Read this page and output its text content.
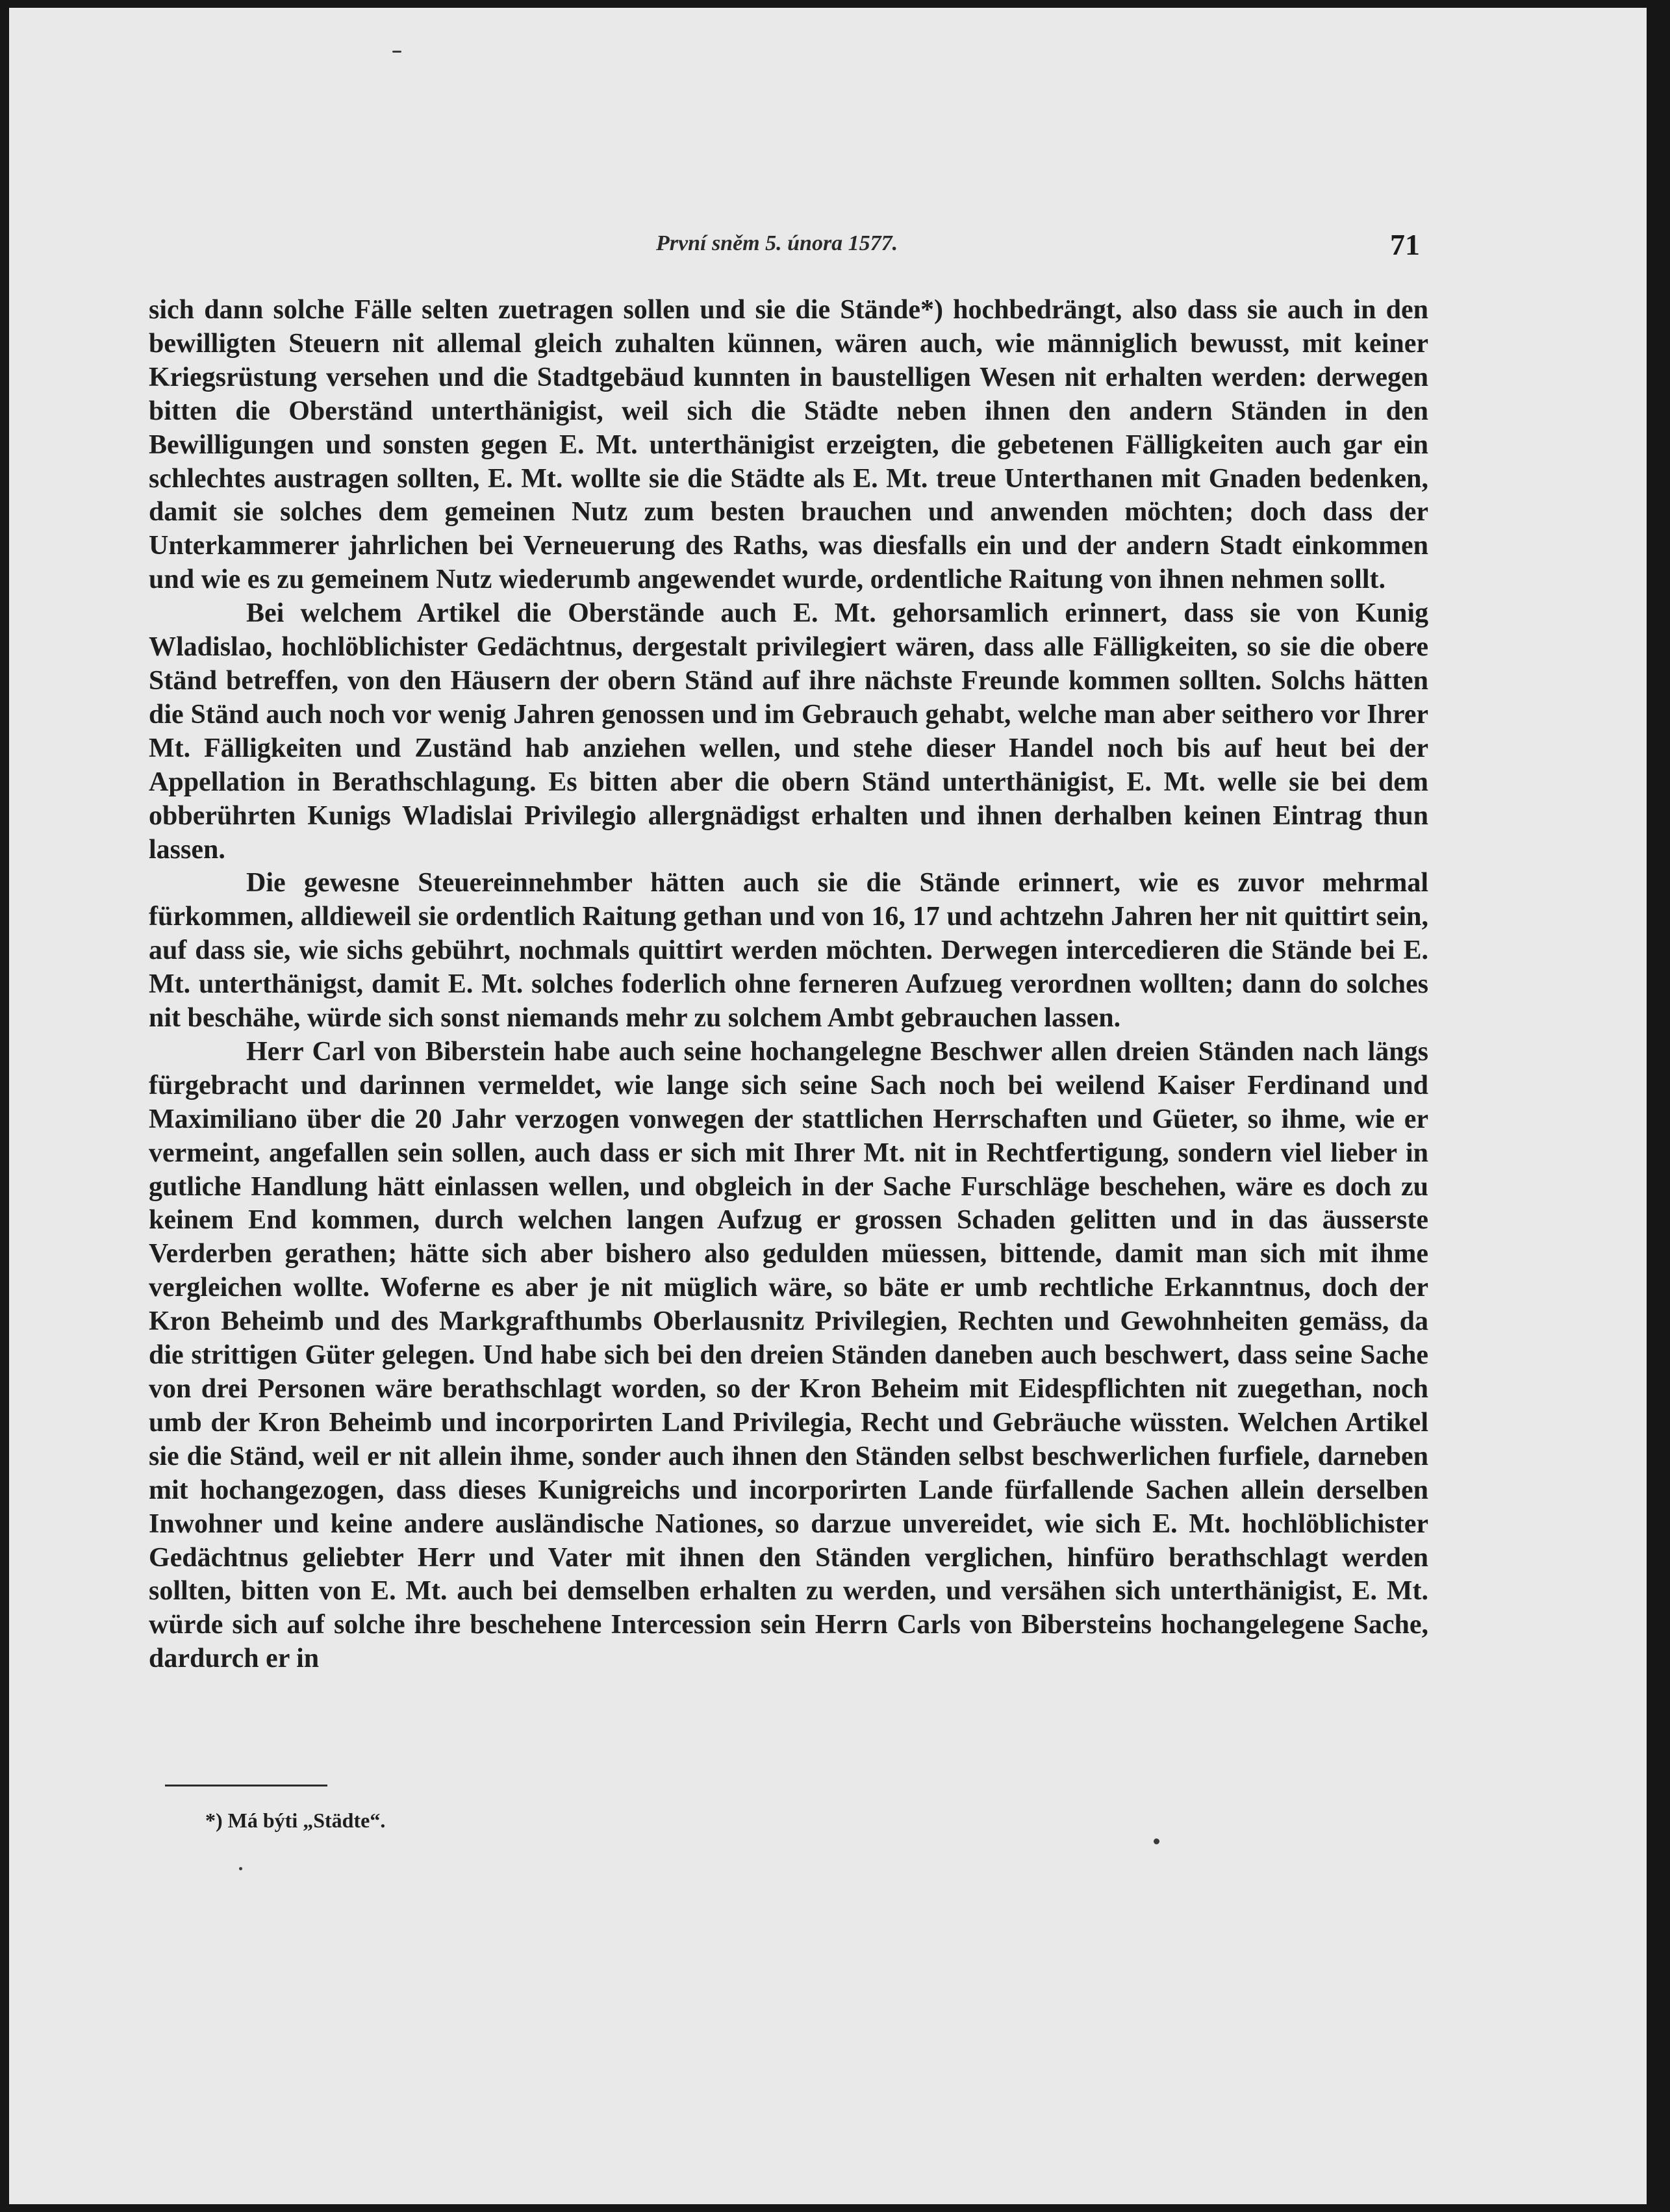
První sněm 5. února 1577.	71

sich dann solche Fälle selten zuetragen sollen und sie die Stände*) hochbedrängt, also dass sie auch in den bewilligten Steuern nit allemal gleich zuhalten künnen, wären auch, wie männiglich bewusst, mit keiner Kriegsrüstung versehen und die Stadtgebäud kunnten in baustelligen Wesen nit erhalten werden: derwegen bitten die Oberständ unterthänigist, weil sich die Städte neben ihnen den andern Ständen in den Bewilligungen und sonsten gegen E. Mt. unterthänigist erzeigten, die gebetenen Fälligkeiten auch gar ein schlechtes austragen sollten, E. Mt. wollte sie die Städte als E. Mt. treue Unterthanen mit Gnaden bedenken, damit sie solches dem gemeinen Nutz zum besten brauchen und anwenden möchten; doch dass der Unterkammerer jahrlichen bei Verneuerung des Raths, was diesfalls ein und der andern Stadt einkommen und wie es zu gemeinem Nutz wiederumb angewendet wurde, ordentliche Raitung von ihnen nehmen sollt.

Bei welchem Artikel die Oberstände auch E. Mt. gehorsamlich erinnert, dass sie von Kunig Wladislao, hochlöblichister Gedächtnus, dergestalt privilegiert wären, dass alle Fälligkeiten, so sie die obere Ständ betreffen, von den Häusern der obern Ständ auf ihre nächste Freunde kommen sollten. Solchs hätten die Ständ auch noch vor wenig Jahren genossen und im Gebrauch gehabt, welche man aber seithero vor Ihrer Mt. Fälligkeiten und Zuständ hab anziehen wellen, und stehe dieser Handel noch bis auf heut bei der Appellation in Berathschlagung. Es bitten aber die obern Ständ unterthänigist, E. Mt. welle sie bei dem obberührten Kunigs Wladislai Privilegio allergnädigst erhalten und ihnen derhalben keinen Eintrag thun lassen.

Die gewesne Steuereinnehmber hätten auch sie die Stände erinnert, wie es zuvor mehrmal fürkommen, alldieweil sie ordentlich Raitung gethan und von 16, 17 und achtzehn Jahren her nit quittirt sein, auf dass sie, wie sichs gebührt, nochmals quittirt werden möchten. Derwegen intercedieren die Stände bei E. Mt. unterthänigst, damit E. Mt. solches foderlich ohne ferneren Aufzueg verordnen wollten; dann do solches nit beschähe, würde sich sonst niemands mehr zu solchem Ambt gebrauchen lassen.

Herr Carl von Biberstein habe auch seine hochangelegne Beschwer allen dreien Ständen nach längs fürgebracht und darinnen vermeldet, wie lange sich seine Sach noch bei weilend Kaiser Ferdinand und Maximiliano über die 20 Jahr verzogen vonwegen der stattlichen Herrschaften und Güeter, so ihme, wie er vermeint, angefallen sein sollen, auch dass er sich mit Ihrer Mt. nit in Rechtfertigung, sondern viel lieber in gutliche Handlung hätt einlassen wellen, und obgleich in der Sache Furschläge beschehen, wäre es doch zu keinem End kommen, durch welchen langen Aufzug er grossen Schaden gelitten und in das äusserste Verderben gerathen; hätte sich aber bishero also gedulden müessen, bittende, damit man sich mit ihme vergleichen wollte. Woferne es aber je nit müglich wäre, so bäte er umb rechtliche Erkanntnus, doch der Kron Beheimb und des Markgrafthumbs Oberlausnitz Privilegien, Rechten und Gewohnheiten gemäss, da die strittigen Güter gelegen. Und habe sich bei den dreien Ständen daneben auch beschwert, dass seine Sache von drei Personen wäre berathschlagt worden, so der Kron Beheim mit Eidespflichten nit zuegethan, noch umb der Kron Beheimb und incorporirten Land Privilegia, Recht und Gebräuche wüssten. Welchen Artikel sie die Ständ, weil er nit allein ihme, sonder auch ihnen den Ständen selbst beschwerlichen furfiele, darneben mit hochangezogen, dass dieses Kunigreichs und incorporirten Lande fürfallende Sachen allein derselben Inwohner und keine andere ausländische Nationes, so darzue unvereidet, wie sich E. Mt. hochlöblichister Gedächtnus geliebter Herr und Vater mit ihnen den Ständen verglichen, hinfüro berathschlagt werden sollten, bitten von E. Mt. auch bei demselben erhalten zu werden, und versähen sich unterthänigist, E. Mt. würde sich auf solche ihre beschehene Intercession sein Herrn Carls von Bibersteins hochangelegene Sache, dardurch er in

*) Má býti „Städte“.
